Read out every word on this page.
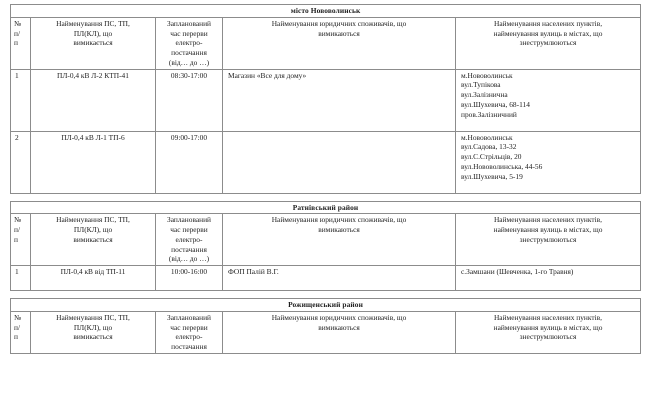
місто Нововолинськ				

№
п/
п	Найменування ПС, ТП,
ПЛ(КЛ), що
вимикається	Запланований
час перерви
електро-
постачання
(від… до …)	Найменування юридичних споживачів, що
вимикаються	Найменування населених пунктів,
найменування вулиць в містах, що
знеструмлюються

1	ПЛ-0,4 кВ Л-2 КТП-41	08:30-17:00	Магазин «Все для дому»	м.Нововолинськ
вул.Тупікова
вул.Залізнична
вул.Шухевича, 68-114
пров.Залізничний

2	ПЛ-0,4 кВ Л-1 ТП-6	09:00-17:00		м.Нововолинськ
вул.Садова, 13-32
вул.С.Стрільців, 20
вул.Нововолинська, 44-56
вул.Шухевича, 5-19
Ратнівський район				

№
п/
п	Найменування ПС, ТП,
ПЛ(КЛ), що
вимикається	Запланований
час перерви
електро-
постачання
(від… до …)	Найменування юридичних споживачів, що
вимикаються	Найменування населених пунктів,
найменування вулиць в містах, що
знеструмлюються

1	ПЛ-0,4 кВ від ТП-11	10:00-16:00	ФОП Палій В.Г.	с.Замшани (Шевченка, 1-го Травня)
Рожищенський район

№
п/
п

Найменування ПС, ТП,
ПЛ(КЛ), що
вимикається

Запланований
час перерви
електро-
постачання

Найменування юридичних споживачів, що
вимикаються

Найменування населених пунктів,
найменування вулиць в містах, що
знеструмлюються
